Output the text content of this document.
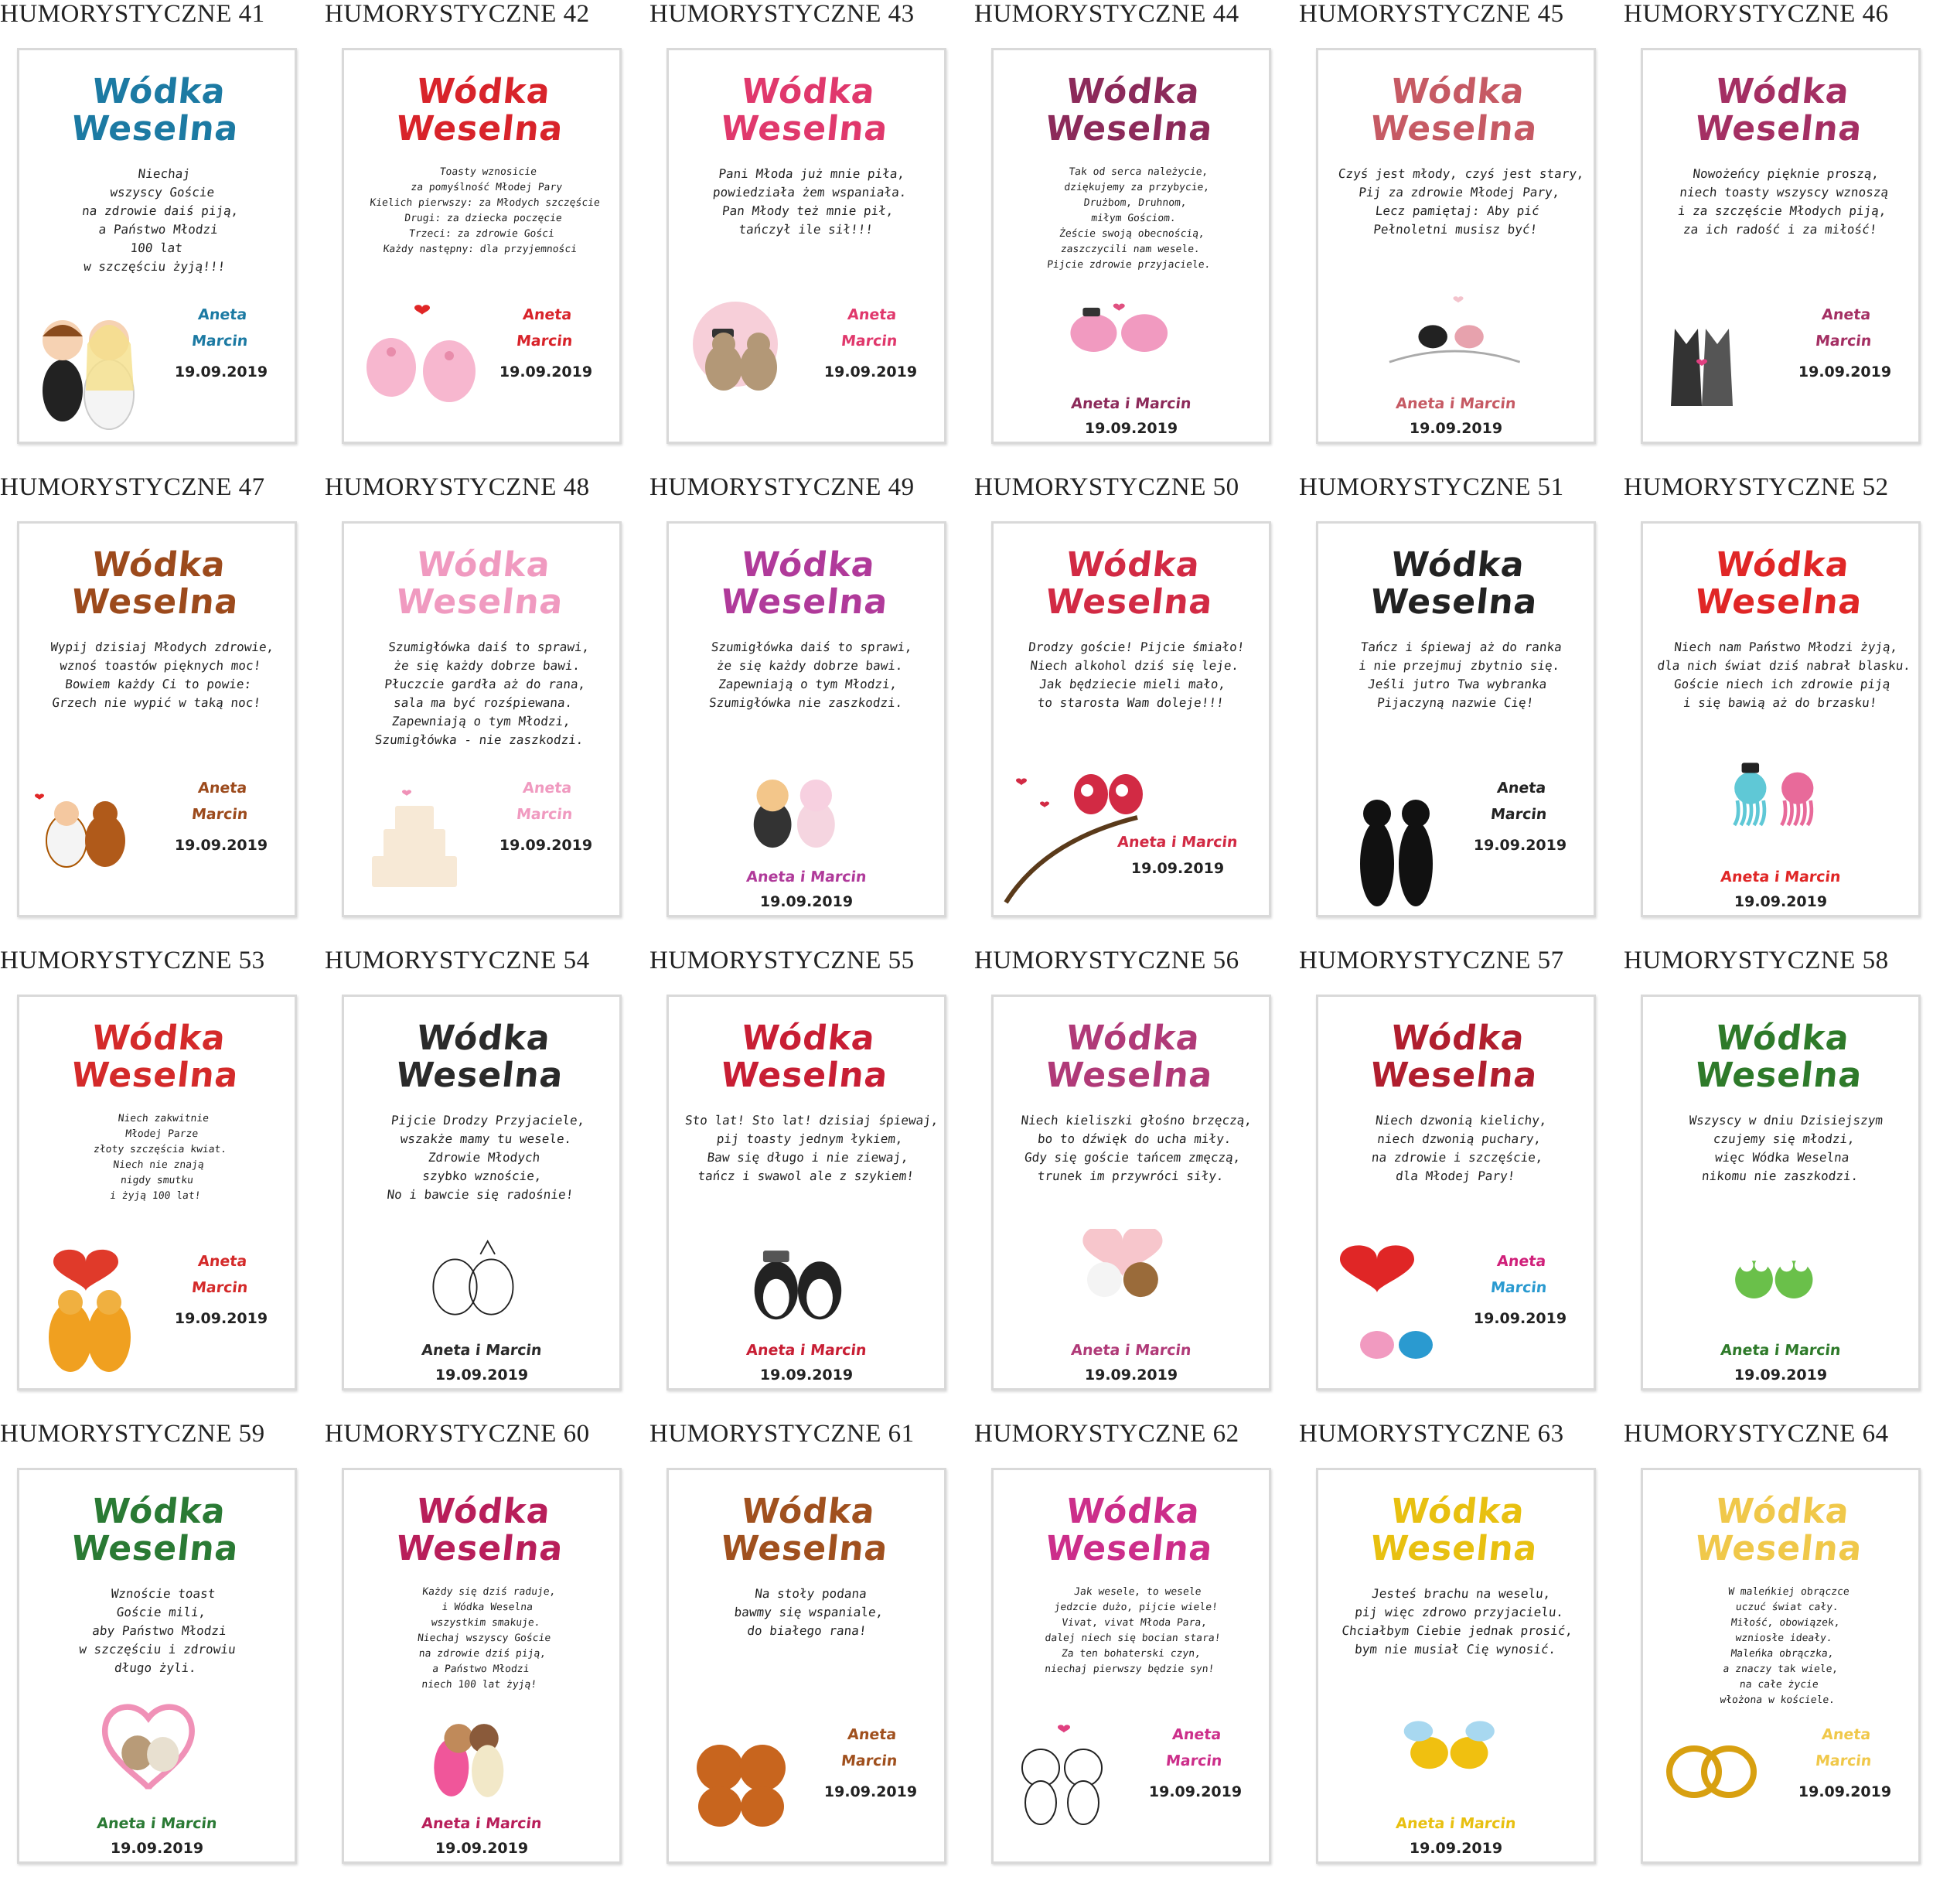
HUMORYSTYCZNE 41
Wódka
Weselna
Niechaj
wszyscy Goście
na zdrowie daiś piją,
a Państwo Młodzi
100 lat
w szczęściu żyją!!!
Aneta
Marcin
19.09.2019
HUMORYSTYCZNE 42
Wódka
Weselna
Toasty wznosicie
za pomyślność Młodej Pary
Kielich pierwszy: za Młodych szczęście
Drugi: za dziecka poczęcie
Trzeci: za zdrowie Gości
Każdy następny: dla przyjemności
Aneta
Marcin
19.09.2019
HUMORYSTYCZNE 43
Wódka
Weselna
Pani Młoda już mnie piła,
powiedziała żem wspaniała.
Pan Młody też mnie pił,
tańczył ile sił!!!
Aneta
Marcin
19.09.2019
HUMORYSTYCZNE 44
Wódka
Weselna
Tak od serca należycie,
dziękujemy za przybycie,
Drużbom, Druhnom,
miłym Gościom.
Żeście swoją obecnością,
zaszczycili nam wesele.
Pijcie zdrowie przyjaciele.
Aneta i Marcin
19.09.2019
HUMORYSTYCZNE 45
Wódka
Weselna
Czyś jest młody, czyś jest stary,
Pij za zdrowie Młodej Pary,
Lecz pamiętaj: Aby pić
Pełnoletni musisz być!
Aneta i Marcin
19.09.2019
HUMORYSTYCZNE 46
Wódka
Weselna
Nowożeńcy pięknie proszą,
niech toasty wszyscy wznoszą
i za szczęście Młodych piją,
za ich radość i za miłość!
Aneta
Marcin
19.09.2019
HUMORYSTYCZNE 47
Wódka
Weselna
Wypij dzisiaj Młodych zdrowie,
wznoś toastów pięknych moc!
Bowiem każdy Ci to powie:
Grzech nie wypić w taką noc!
Aneta
Marcin
19.09.2019
HUMORYSTYCZNE 48
Wódka
Weselna
Szumigłówka daiś to sprawi,
że się każdy dobrze bawi.
Płuczcie gardła aż do rana,
sala ma być rozśpiewana.
Zapewniają o tym Młodzi,
Szumigłówka - nie zaszkodzi.
Aneta
Marcin
19.09.2019
HUMORYSTYCZNE 49
Wódka
Weselna
Szumigłówka daiś to sprawi,
że się każdy dobrze bawi.
Zapewniają o tym Młodzi,
Szumigłówka nie zaszkodzi.
Aneta i Marcin
19.09.2019
HUMORYSTYCZNE 50
Wódka
Weselna
Drodzy goście! Pijcie śmiało!
Niech alkohol dziś się leje.
Jak będziecie mieli mało,
to starosta Wam doleje!!!
Aneta i Marcin
19.09.2019
HUMORYSTYCZNE 51
Wódka
Weselna
Tańcz i śpiewaj aż do ranka
i nie przejmuj zbytnio się.
Jeśli jutro Twa wybranka
Pijaczyną nazwie Cię!
Aneta
Marcin
19.09.2019
HUMORYSTYCZNE 52
Wódka
Weselna
Niech nam Państwo Młodzi żyją,
dla nich świat dziś nabrał blasku.
Goście niech ich zdrowie piją
i się bawią aż do brzasku!
Aneta i Marcin
19.09.2019
HUMORYSTYCZNE 53
Wódka
Weselna
Niech zakwitnie
Młodej Parze
złoty szczęścia kwiat.
Niech nie znają
nigdy smutku
i żyją 100 lat!
Aneta
Marcin
19.09.2019
HUMORYSTYCZNE 54
Wódka
Weselna
Pijcie Drodzy Przyjaciele,
wszakże mamy tu wesele.
Zdrowie Młodych
szybko wznoście,
No i bawcie się radośnie!
Aneta i Marcin
19.09.2019
HUMORYSTYCZNE 55
Wódka
Weselna
Sto lat! Sto lat! dzisiaj śpiewaj,
pij toasty jednym łykiem,
Baw się długo i nie ziewaj,
tańcz i swawol ale z szykiem!
Aneta i Marcin
19.09.2019
HUMORYSTYCZNE 56
Wódka
Weselna
Niech kieliszki głośno brzęczą,
bo to dźwięk do ucha miły.
Gdy się goście tańcem zmęczą,
trunek im przywróci siły.
Aneta i Marcin
19.09.2019
HUMORYSTYCZNE 57
Wódka
Weselna
Niech dzwonią kielichy,
niech dzwonią puchary,
na zdrowie i szczęście,
dla Młodej Pary!
Aneta
Marcin
19.09.2019
HUMORYSTYCZNE 58
Wódka
Weselna
Wszyscy w dniu Dzisiejszym
czujemy się młodzi,
więc Wódka Weselna
nikomu nie zaszkodzi.
Aneta i Marcin
19.09.2019
HUMORYSTYCZNE 59
Wódka
Weselna
Wznoście toast
Goście mili,
aby Państwo Młodzi
w szczęściu i zdrowiu
długo żyli.
Aneta i Marcin
19.09.2019
HUMORYSTYCZNE 60
Wódka
Weselna
Każdy się dziś raduje,
i Wódka Weselna
wszystkim smakuje.
Niechaj wszyscy Goście
na zdrowie dziś piją,
a Państwo Młodzi
niech 100 lat żyją!
Aneta i Marcin
19.09.2019
HUMORYSTYCZNE 61
Wódka
Weselna
Na stoły podana
bawmy się wspaniale,
do białego rana!
Aneta
Marcin
19.09.2019
HUMORYSTYCZNE 62
Wódka
Weselna
Jak wesele, to wesele
jedzcie dużo, pijcie wiele!
Vivat, vivat Młoda Para,
dalej niech się bocian stara!
Za ten bohaterski czyn,
niechaj pierwszy będzie syn!
Aneta
Marcin
19.09.2019
HUMORYSTYCZNE 63
Wódka
Weselna
Jesteś brachu na weselu,
pij więc zdrowo przyjacielu.
Chciałbym Ciebie jednak prosić,
bym nie musiał Cię wynosić.
Aneta i Marcin
19.09.2019
HUMORYSTYCZNE 64
Wódka
Weselna
W maleńkiej obrączce
uczuć świat cały.
Miłość, obowiązek,
wzniosłe ideały.
Maleńka obrączka,
a znaczy tak wiele,
na całe życie
włożona w kościele.
Aneta
Marcin
19.09.2019
